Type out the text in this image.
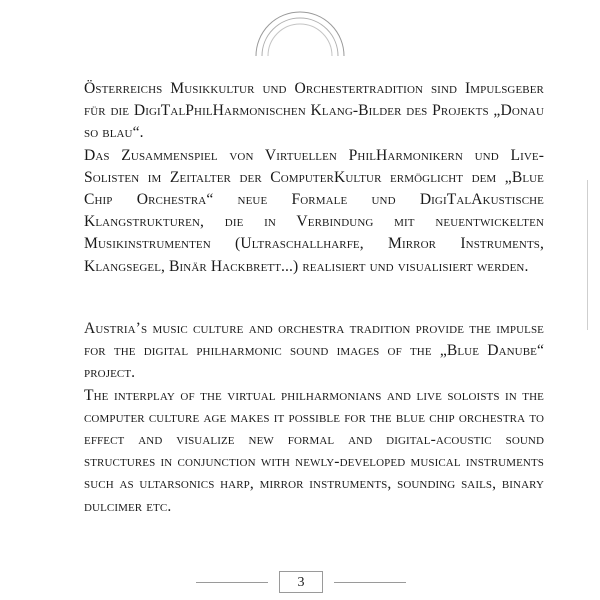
Österreichs Musikkultur und Orchestertradition sind Impulsgeber für die DigiTalPhilHarmonischen Klang-Bilder des Projekts „Donau so blau“.

Das Zusammenspiel von Virtuellen PhilHarmonikern und Live-Solisten im Zeitalter der ComputerKultur ermöglicht dem „Blue Chip Orchestra“ neue Formale und DigiTalAkustische Klangstrukturen, die in Verbindung mit neuentwickelten Musikinstrumenten (Ultraschallharfe, Mirror Instruments, Klangsegel, Binär Hackbrett...) realisiert und visualisiert werden.

Austria’s music culture and orchestra tradition provide the impulse for the digital philharmonic sound images of the „Blue Danube“ project.

The interplay of the virtual philharmonians and live soloists in the computer culture age makes it possible for the blue chip orchestra to effect and visualize new formal and digital-acoustic sound structures in conjunction with newly-developed musical instruments such as ultarsonics harp, mirror instruments, sounding sails, binary dulcimer etc.

3
